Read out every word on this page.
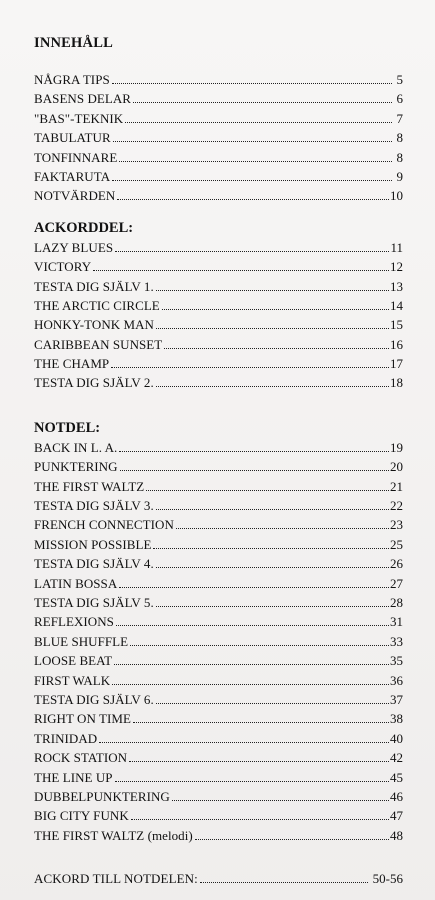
INNEHÅLL
NÅGRA TIPS	5
BASENS DELAR	6
"BAS"-TEKNIK	7
TABULATUR	8
TONFINNARE	8
FAKTARUTA	9
NOTVÄRDEN	10
ACKORDDEL:
LAZY BLUES	11
VICTORY	12
TESTA DIG SJÄLV 1.	13
THE ARCTIC CIRCLE	14
HONKY-TONK MAN	15
CARIBBEAN SUNSET	16
THE CHAMP	17
TESTA DIG SJÄLV 2.	18
NOTDEL:
BACK IN L. A.	19
PUNKTERING	20
THE FIRST WALTZ	21
TESTA DIG SJÄLV 3.	22
FRENCH CONNECTION	23
MISSION POSSIBLE	25
TESTA DIG SJÄLV 4.	26
LATIN BOSSA	27
TESTA DIG SJÄLV 5.	28
REFLEXIONS	31
BLUE SHUFFLE	33
LOOSE BEAT	35
FIRST WALK	36
TESTA DIG SJÄLV 6.	37
RIGHT ON TIME	38
TRINIDAD	40
ROCK STATION	42
THE LINE UP	45
DUBBELPUNKTERING	46
BIG CITY FUNK	47
THE FIRST WALTZ (melodi)	48
ACKORD TILL NOTDELEN:	50-56
